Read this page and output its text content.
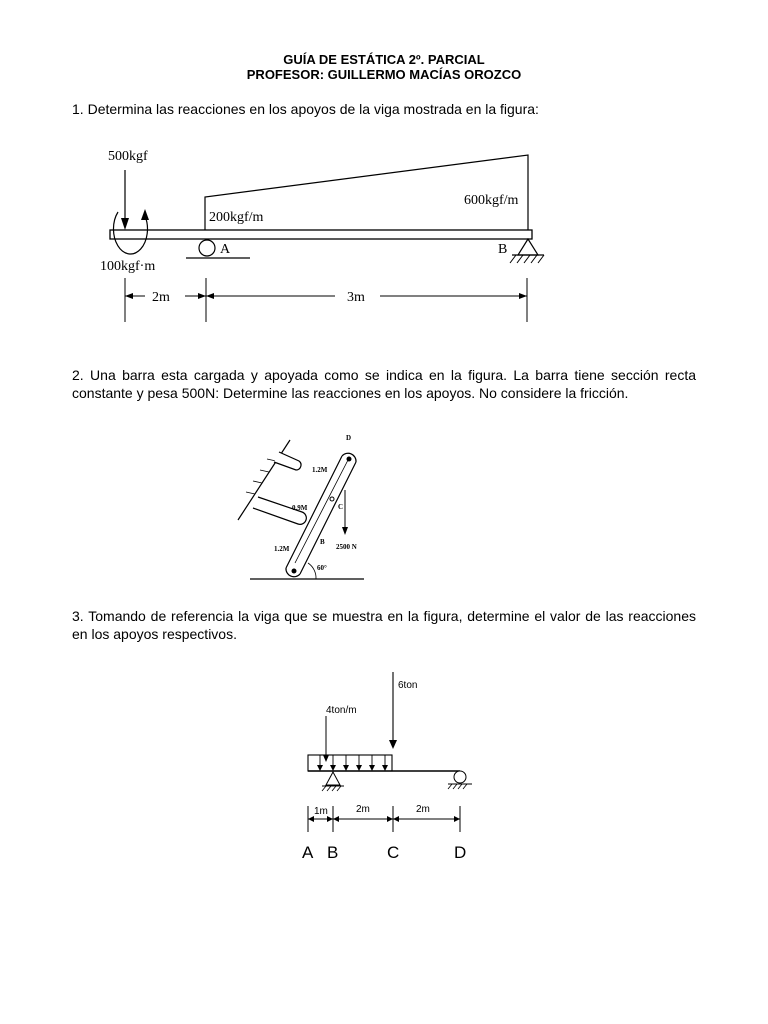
GUÍA DE ESTÁTICA 2º. PARCIAL
PROFESOR: GUILLERMO MACÍAS OROZCO
1. Determina las reacciones en los apoyos de la viga mostrada en la figura:
500kgf
100kgf·m
200kgf/m
600kgf/m
A	B
2m	3m
2. Una barra esta cargada y apoyada como se indica en la figura. La barra tiene sección recta constante y pesa 500N: Determine las reacciones en los apoyos. No considere la fricción.
D
C
B
1.2M
0.9M
1.2M	2500 N
60°
3. Tomando de referencia la viga que se muestra en la figura, determine el valor de las reacciones en los apoyos respectivos.
4ton/m
6ton
1m	2m	2m
A B	C	D
